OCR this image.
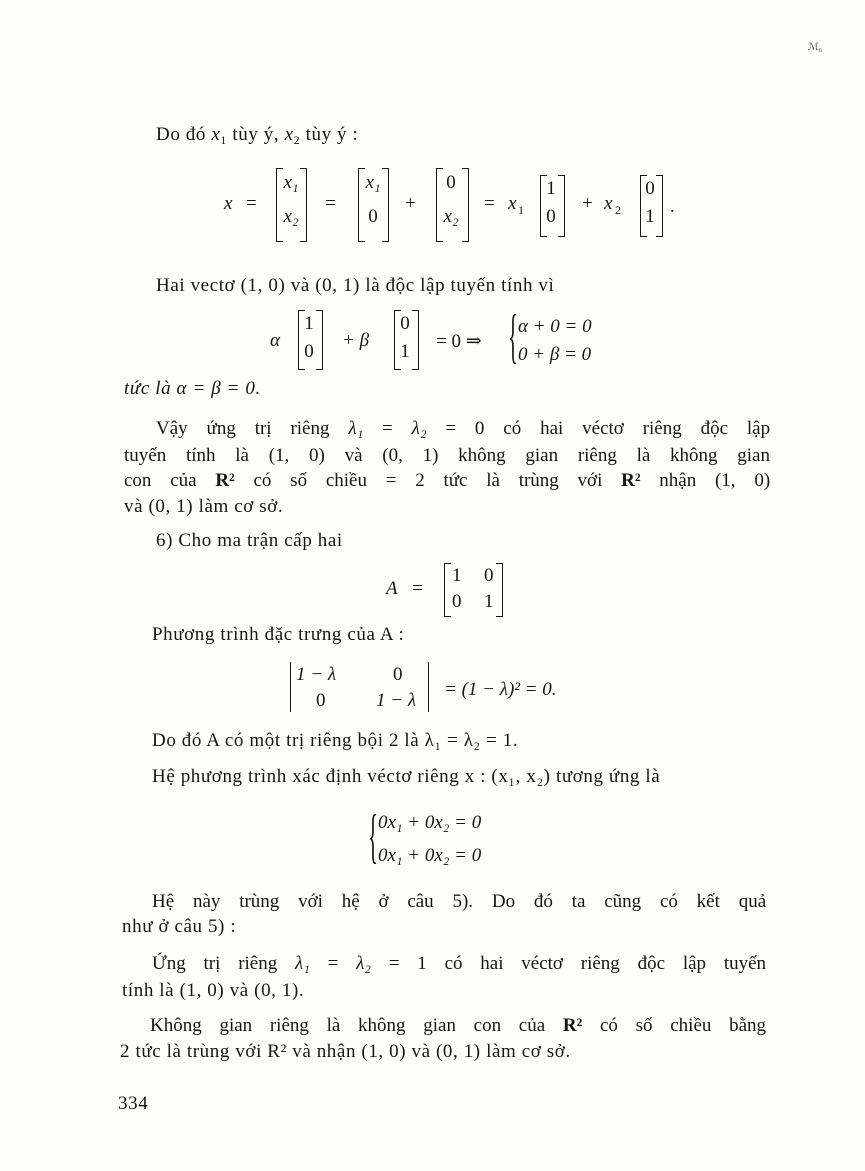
ℳ₆
Do đó $x_1$ tùy ý, $x_2$ tùy ý :
x =
x₁
x₂
=
x₁
0
+
0
x₂
= x 1
1
0
+ x 2
0
1 .
Hai vectơ (1, 0) và (0, 1) là độc lập tuyến tính vì
α
1
0
+ β
0
1 = 0 ⇒ { α + 0 = 0
0 + β = 0
tức là α = β = 0.
Vậy ứng trị riêng λ₁ = λ₂ = 0 có hai véctơ riêng độc lập
tuyến tính là (1, 0) và (0, 1) không gian riêng là không gian
con của R² có số chiều = 2 tức là trùng với R² nhận (1, 0)
và (0, 1) làm cơ sở.
6) Cho ma trận cấp hai
A =
1 0
0 1
Phương trình đặc trưng của A :
1 − λ	0
0	1 − λ
= (1 − λ)² = 0.
Do đó A có một trị riêng bội 2 là λ₁ = λ₂ = 1.
Hệ phương trình xác định véctơ riêng x : (x₁, x₂) tương ứng là
{ 0x₁ + 0x₂ = 0
0x₁ + 0x₂ = 0
Hệ này trùng với hệ ở câu 5). Do đó ta cũng có kết quả
như ở câu 5) :
Ứng trị riêng λ₁ = λ₂ = 1 có hai véctơ riêng độc lập tuyến
tính là (1, 0) và (0, 1).
Không gian riêng là không gian con của R² có số chiều bằng
2 tức là trùng với R² và nhận (1, 0) và (0, 1) làm cơ sở.
334
